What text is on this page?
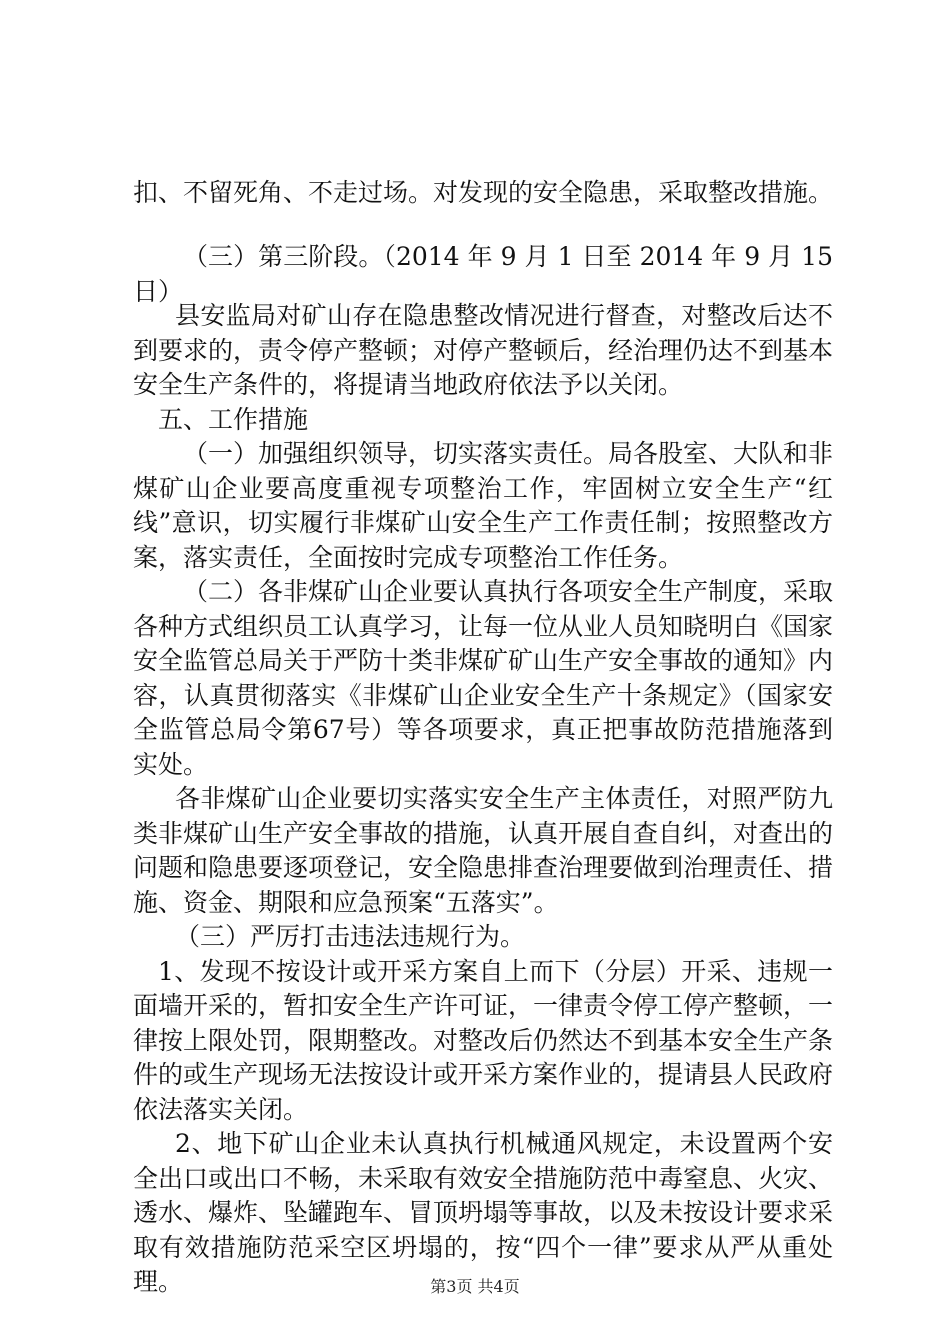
扣、不留死角、不走过场。对发现的安全隐患，采取整改措施。

（三）第三阶段。（2014 年 9 月 1 日至 2014 年 9 月 15 日）

县安监局对矿山存在隐患整改情况进行督查，对整改后达不到要求的，责令停产整顿；对停产整顿后，经治理仍达不到基本安全生产条件的，将提请当地政府依法予以关闭。

五、工作措施

（一）加强组织领导，切实落实责任。局各股室、大队和非煤矿山企业要高度重视专项整治工作，牢固树立安全生产“红线”意识，切实履行非煤矿山安全生产工作责任制；按照整改方案，落实责任，全面按时完成专项整治工作任务。

（二）各非煤矿山企业要认真执行各项安全生产制度，采取各种方式组织员工认真学习，让每一位从业人员知晓明白《国家安全监管总局关于严防十类非煤矿矿山生产安全事故的通知》内容，认真贯彻落实《非煤矿山企业安全生产十条规定》（国家安全监管总局令第67号）等各项要求，真正把事故防范措施落到实处。

各非煤矿山企业要切实落实安全生产主体责任，对照严防九类非煤矿山生产安全事故的措施，认真开展自查自纠，对查出的问题和隐患要逐项登记，安全隐患排查治理要做到治理责任、措施、资金、期限和应急预案“五落实”。

（三）严厉打击违法违规行为。

1、发现不按设计或开采方案自上而下（分层）开采、违规一面墙开采的，暂扣安全生产许可证，一律责令停工停产整顿，一律按上限处罚，限期整改。对整改后仍然达不到基本安全生产条件的或生产现场无法按设计或开采方案作业的，提请县人民政府依法落实关闭。

2、地下矿山企业未认真执行机械通风规定，未设置两个安全出口或出口不畅，未采取有效安全措施防范中毒窒息、火灾、透水、爆炸、坠罐跑车、冒顶坍塌等事故，以及未按设计要求采取有效措施防范采空区坍塌的，按“四个一律”要求从严从重处理。	第3页 共4页
